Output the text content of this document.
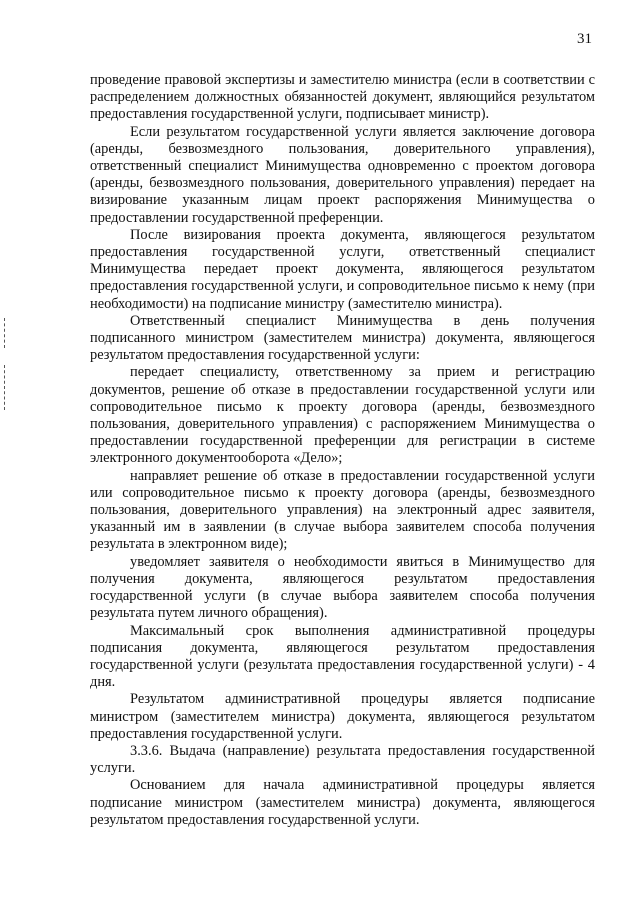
31

проведение правовой экспертизы и заместителю министра (если в соответствии с распределением должностных обязанностей документ, являющийся результатом предоставления государственной услуги, подписывает министр).

Если результатом государственной услуги является заключение договора (аренды, безвозмездного пользования, доверительного управления), ответственный специалист Минимущества одновременно с проектом договора (аренды, безвозмездного пользования, доверительного управления) передает на визирование указанным лицам проект распоряжения Минимущества о предоставлении государственной преференции.

После визирования проекта документа, являющегося результатом предоставления государственной услуги, ответственный специалист Минимущества передает проект документа, являющегося результатом предоставления государственной услуги, и сопроводительное письмо к нему (при необходимости) на подписание министру (заместителю министра).

Ответственный специалист Минимущества в день получения подписанного министром (заместителем министра) документа, являющегося результатом предоставления государственной услуги:

передает специалисту, ответственному за прием и регистрацию документов, решение об отказе в предоставлении государственной услуги или сопроводительное письмо к проекту договора (аренды, безвозмездного пользования, доверительного управления) с распоряжением Минимущества о предоставлении государственной преференции для регистрации в системе электронного документооборота «Дело»;

направляет решение об отказе в предоставлении государственной услуги или сопроводительное письмо к проекту договора (аренды, безвозмездного пользования, доверительного управления) на электронный адрес заявителя, указанный им в заявлении (в случае выбора заявителем способа получения результата в электронном виде);

уведомляет заявителя о необходимости явиться в Минимущество для получения документа, являющегося результатом предоставления государственной услуги (в случае выбора заявителем способа получения результата путем личного обращения).

Максимальный срок выполнения административной процедуры подписания документа, являющегося результатом предоставления государственной услуги (результата предоставления государственной услуги) - 4 дня.

Результатом административной процедуры является подписание министром (заместителем министра) документа, являющегося результатом предоставления государственной услуги.

3.3.6. Выдача (направление) результата предоставления государственной услуги.

Основанием для начала административной процедуры является подписание министром (заместителем министра) документа, являющегося результатом предоставления государственной услуги.
